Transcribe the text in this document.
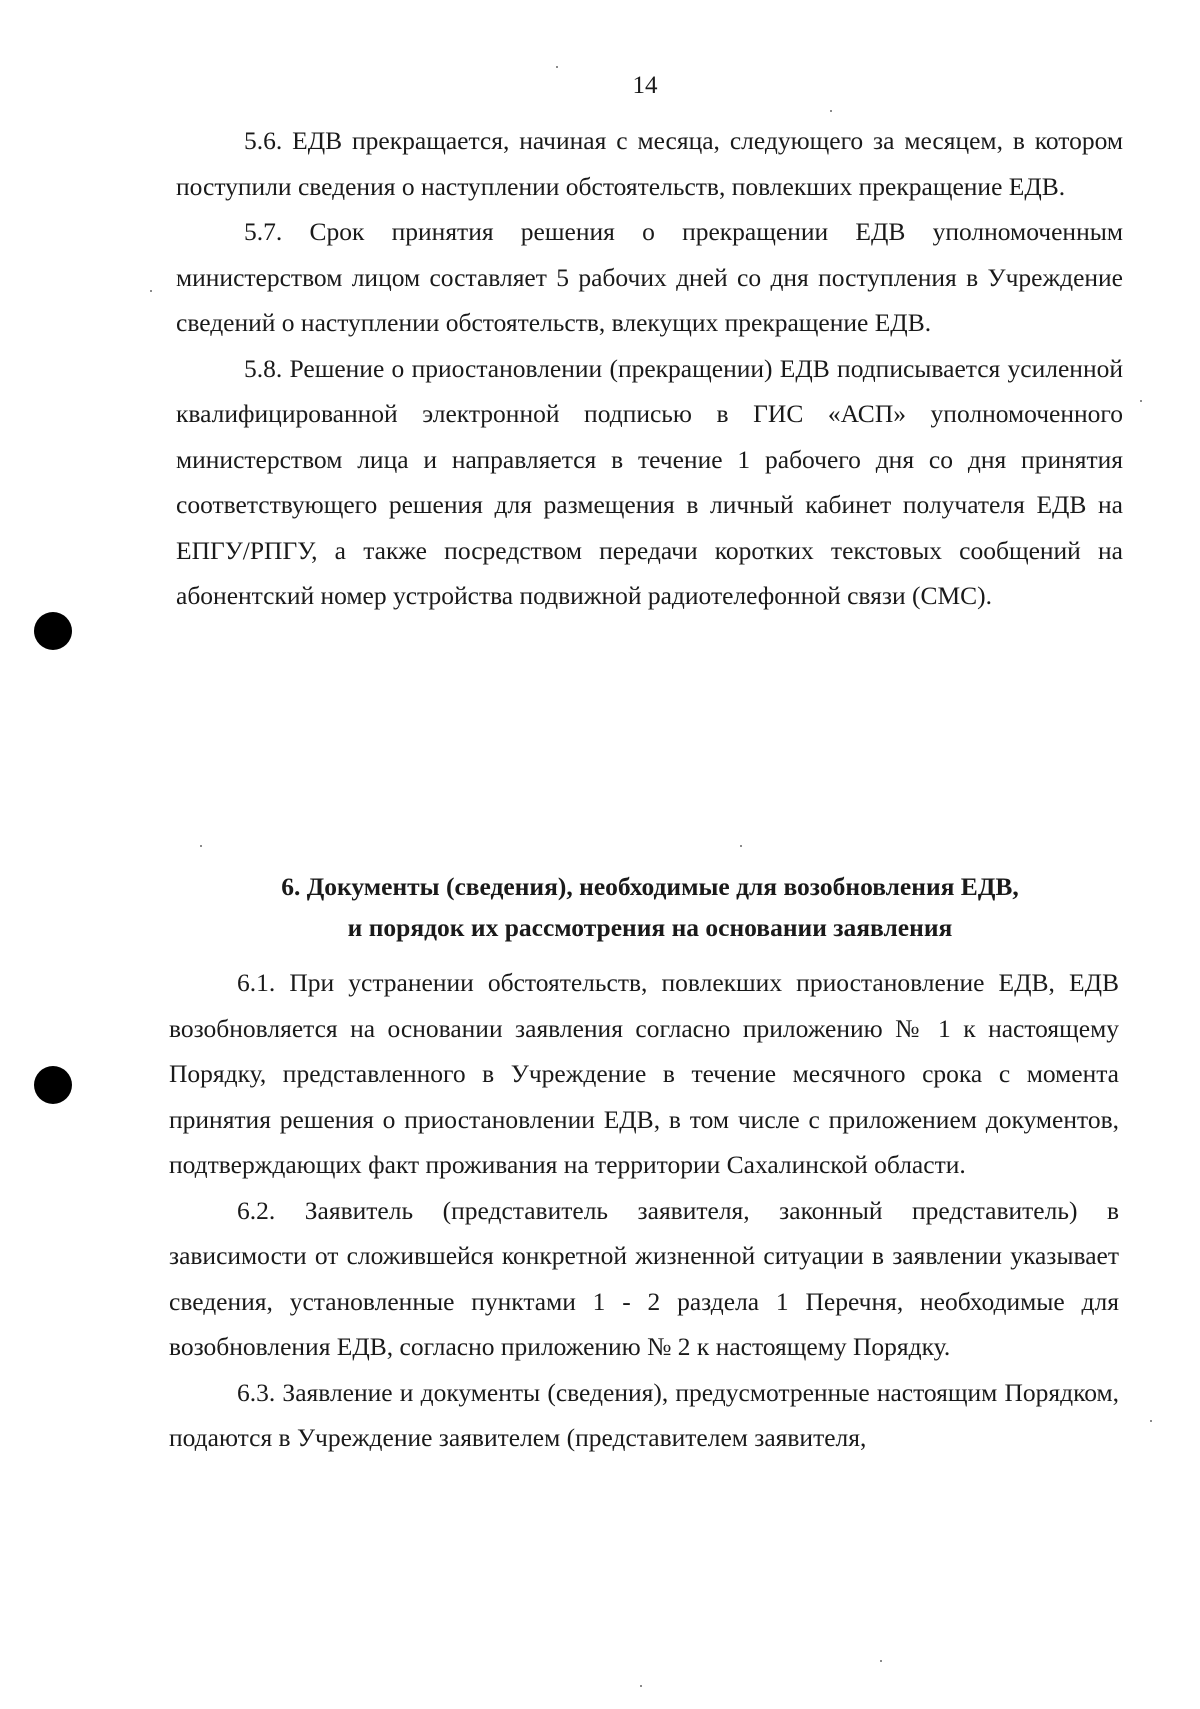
14

5.6. ЕДВ прекращается, начиная с месяца, следующего за месяцем, в котором поступили сведения о наступлении обстоятельств, повлекших прекращение ЕДВ.

5.7. Срок принятия решения о прекращении ЕДВ уполномоченным министерством лицом составляет 5 рабочих дней со дня поступления в Учреждение сведений о наступлении обстоятельств, влекущих прекращение ЕДВ.

5.8. Решение о приостановлении (прекращении) ЕДВ подписывается усиленной квалифицированной электронной подписью в ГИС «АСП» уполномоченного министерством лица и направляется в течение 1 рабочего дня со дня принятия соответствующего решения для размещения в личный кабинет получателя ЕДВ на ЕПГУ/РПГУ, а также посредством передачи коротких текстовых сообщений на абонентский номер устройства подвижной радиотелефонной связи (СМС).

6. Документы (сведения), необходимые для возобновления ЕДВ,
и порядок их рассмотрения на основании заявления

6.1. При устранении обстоятельств, повлекших приостановление ЕДВ, ЕДВ возобновляется на основании заявления согласно приложению № 1 к настоящему Порядку, представленного в Учреждение в течение месячного срока с момента принятия решения о приостановлении ЕДВ, в том числе с приложением документов, подтверждающих факт проживания на территории Сахалинской области.

6.2. Заявитель (представитель заявителя, законный представитель) в зависимости от сложившейся конкретной жизненной ситуации в заявлении указывает сведения, установленные пунктами 1 - 2 раздела 1 Перечня, необходимые для возобновления ЕДВ, согласно приложению № 2 к настоящему Порядку.

6.3. Заявление и документы (сведения), предусмотренные настоящим Порядком, подаются в Учреждение заявителем (представителем заявителя,
